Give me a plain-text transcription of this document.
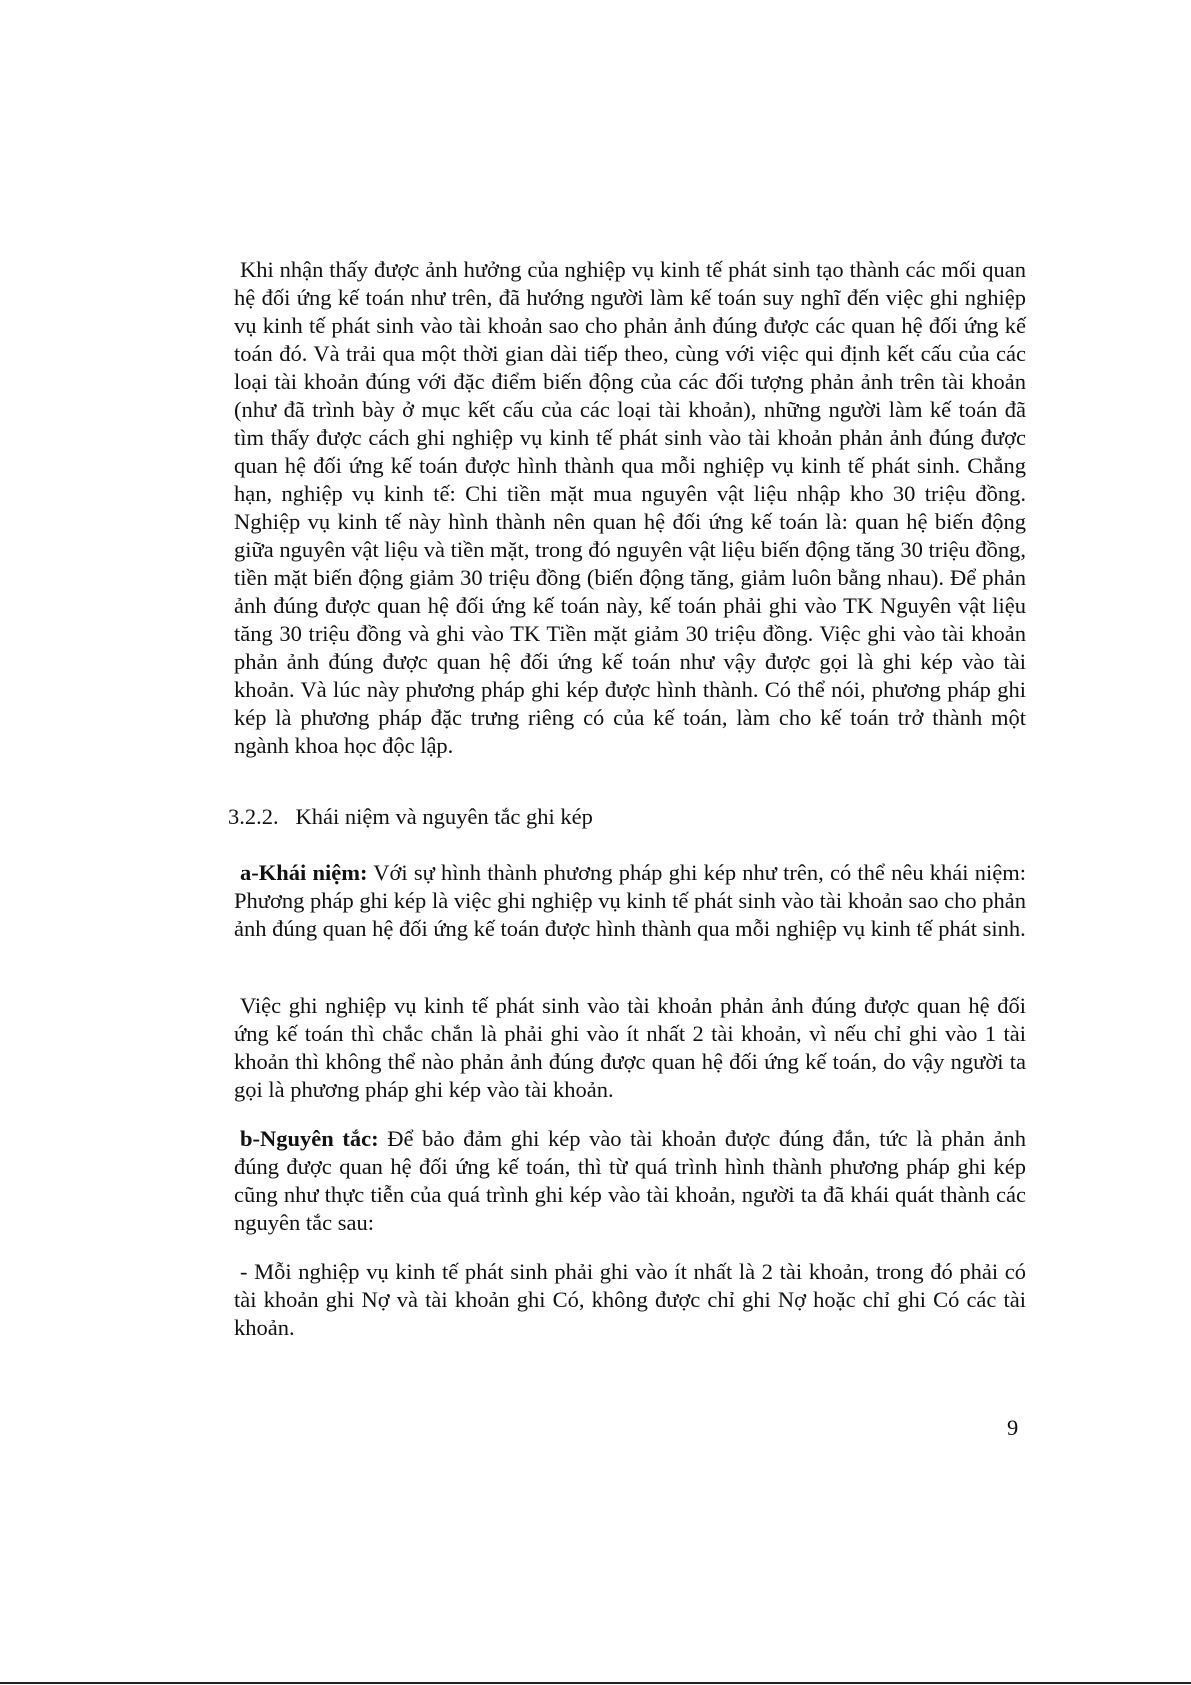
Khi nhận thấy được ảnh hưởng của nghiệp vụ kinh tế phát sinh tạo thành các mối quan hệ đối ứng kế toán như trên, đã hướng người làm kế toán suy nghĩ đến việc ghi nghiệp vụ kinh tế phát sinh vào tài khoản sao cho phản ảnh đúng được các quan hệ đối ứng kế toán đó. Và trải qua một thời gian dài tiếp theo, cùng với việc qui định kết cấu của các loại tài khoản đúng với đặc điểm biến động của các đối tượng phản ảnh trên tài khoản (như đã trình bày ở mục kết cấu của các loại tài khoản), những người làm kế toán đã tìm thấy được cách ghi nghiệp vụ kinh tế phát sinh vào tài khoản phản ảnh đúng được quan hệ đối ứng kế toán được hình thành qua mỗi nghiệp vụ kinh tế phát sinh. Chẳng hạn, nghiệp vụ kinh tế: Chi tiền mặt mua nguyên vật liệu nhập kho 30 triệu đồng. Nghiệp vụ kinh tế này hình thành nên quan hệ đối ứng kế toán là: quan hệ biến động giữa nguyên vật liệu và tiền mặt, trong đó nguyên vật liệu biến động tăng 30 triệu đồng, tiền mặt biến động giảm 30 triệu đồng (biến động tăng, giảm luôn bằng nhau). Để phản ảnh đúng được quan hệ đối ứng kế toán này, kế toán phải ghi vào TK Nguyên vật liệu tăng 30 triệu đồng và ghi vào TK Tiền mặt giảm 30 triệu đồng. Việc ghi vào tài khoản phản ảnh đúng được quan hệ đối ứng kế toán như vậy được gọi là ghi kép vào tài khoản. Và lúc này phương pháp ghi kép được hình thành. Có thể nói, phương pháp ghi kép là phương pháp đặc trưng riêng có của kế toán, làm cho kế toán trở thành một ngành khoa học độc lập.

3.2.2. Khái niệm và nguyên tắc ghi kép

a-Khái niệm: Với sự hình thành phương pháp ghi kép như trên, có thể nêu khái niệm: Phương pháp ghi kép là việc ghi nghiệp vụ kinh tế phát sinh vào tài khoản sao cho phản ảnh đúng quan hệ đối ứng kế toán được hình thành qua mỗi nghiệp vụ kinh tế phát sinh.

Việc ghi nghiệp vụ kinh tế phát sinh vào tài khoản phản ảnh đúng được quan hệ đối ứng kế toán thì chắc chắn là phải ghi vào ít nhất 2 tài khoản, vì nếu chỉ ghi vào 1 tài khoản thì không thể nào phản ảnh đúng được quan hệ đối ứng kế toán, do vậy người ta gọi là phương pháp ghi kép vào tài khoản.

b-Nguyên tắc: Để bảo đảm ghi kép vào tài khoản được đúng đắn, tức là phản ảnh đúng được quan hệ đối ứng kế toán, thì từ quá trình hình thành phương pháp ghi kép cũng như thực tiễn của quá trình ghi kép vào tài khoản, người ta đã khái quát thành các nguyên tắc sau:

- Mỗi nghiệp vụ kinh tế phát sinh phải ghi vào ít nhất là 2 tài khoản, trong đó phải có tài khoản ghi Nợ và tài khoản ghi Có, không được chỉ ghi Nợ hoặc chỉ ghi Có các tài khoản.

9
